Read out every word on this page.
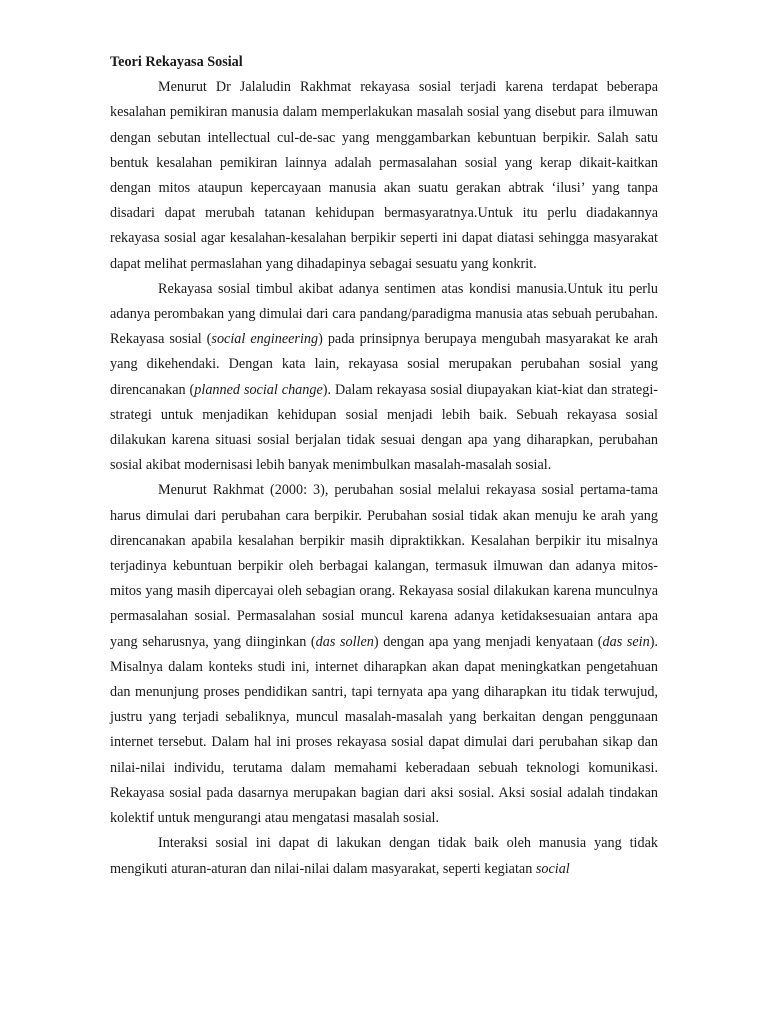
Teori Rekayasa Sosial

Menurut Dr Jalaludin Rakhmat rekayasa sosial terjadi karena terdapat beberapa kesalahan pemikiran manusia dalam memperlakukan masalah sosial yang disebut para ilmuwan dengan sebutan intellectual cul-de-sac yang menggambarkan kebuntuan berpikir. Salah satu bentuk kesalahan pemikiran lainnya adalah permasalahan sosial yang kerap dikait-kaitkan dengan mitos ataupun kepercayaan manusia akan suatu gerakan abtrak ‘ilusi’ yang tanpa disadari dapat merubah tatanan kehidupan bermasyaratnya.Untuk itu perlu diadakannya rekayasa sosial agar kesalahan-kesalahan berpikir seperti ini dapat diatasi sehingga masyarakat dapat melihat permaslahan yang dihadapinya sebagai sesuatu yang konkrit.

Rekayasa sosial timbul akibat adanya sentimen atas kondisi manusia.Untuk itu perlu adanya perombakan yang dimulai dari cara pandang/paradigma manusia atas sebuah perubahan. Rekayasa sosial (social engineering) pada prinsipnya berupaya mengubah masyarakat ke arah yang dikehendaki. Dengan kata lain, rekayasa sosial merupakan perubahan sosial yang direncanakan (planned social change). Dalam rekayasa sosial diupayakan kiat-kiat dan strategi-strategi untuk menjadikan kehidupan sosial menjadi lebih baik. Sebuah rekayasa sosial dilakukan karena situasi sosial berjalan tidak sesuai dengan apa yang diharapkan, perubahan sosial akibat modernisasi lebih banyak menimbulkan masalah-masalah sosial.

Menurut Rakhmat (2000: 3), perubahan sosial melalui rekayasa sosial pertama-tama harus dimulai dari perubahan cara berpikir. Perubahan sosial tidak akan menuju ke arah yang direncanakan apabila kesalahan berpikir masih dipraktikkan. Kesalahan berpikir itu misalnya terjadinya kebuntuan berpikir oleh berbagai kalangan, termasuk ilmuwan dan adanya mitos-mitos yang masih dipercayai oleh sebagian orang. Rekayasa sosial dilakukan karena munculnya permasalahan sosial. Permasalahan sosial muncul karena adanya ketidaksesuaian antara apa yang seharusnya, yang diinginkan (das sollen) dengan apa yang menjadi kenyataan (das sein). Misalnya dalam konteks studi ini, internet diharapkan akan dapat meningkatkan pengetahuan dan menunjung proses pendidikan santri, tapi ternyata apa yang diharapkan itu tidak terwujud, justru yang terjadi sebaliknya, muncul masalah-masalah yang berkaitan dengan penggunaan internet tersebut. Dalam hal ini proses rekayasa sosial dapat dimulai dari perubahan sikap dan nilai-nilai individu, terutama dalam memahami keberadaan sebuah teknologi komunikasi. Rekayasa sosial pada dasarnya merupakan bagian dari aksi sosial. Aksi sosial adalah tindakan kolektif untuk mengurangi atau mengatasi masalah sosial.

Interaksi sosial ini dapat di lakukan dengan tidak baik oleh manusia yang tidak mengikuti aturan-aturan dan nilai-nilai dalam masyarakat, seperti kegiatan social
